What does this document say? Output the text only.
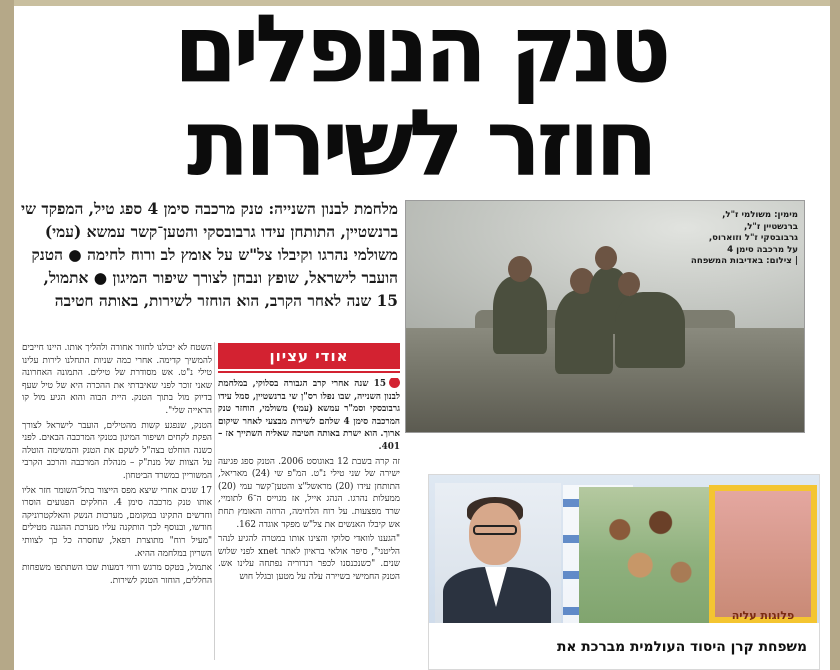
טנק הנופלים
חוזר לשירות
מלחמת לבנון השנייה: טנק מרכבה סימן 4 ספג טיל, המפקד שי ברנשטיין, התותחן עידו גרבובסקי והטען־קשר עמשא (עמי) משולמי נהרגו וקיבלו צל"ש על אומץ לב ורוח לחימה ● הטנק הועבר לישראל, שופץ ונבחן לצורך שיפור המיגון ● אתמול, 15 שנה לאחר הקרב, הוא הוחזר לשירות, באותה חטיבה
מימין: משולמי ז"ל,
ברנשטיין ז"ל,
גרבובסקי ז"ל וזוארוס,
על מרכבה סימן 4
| צילום: באדיבות המשפחה
אודי עציון

15 שנה אחרי קרב הגבורה בסלוקי, במלחמת לבנון השנייה, שבו נפלו רס"ן שי ברנשטיין, סמל עידו גרבובסקי וסמ"ר עמשא (עמי) משולמי, הוחזר טנק המרכבה סימן 4 שלהם לשירות מבצעי לאחר שיקום ארוך. הוא ישרת באותה חטיבה שאליה השתייך אז – 401.

זה קרה בשבת 12 באוגוסט 2006. הטנק ספג פגיעה ישירה של שני טילי נ"ט. המ"פ שי (24) מאריאל, התותחן עידו (20) מראשל"צ והטען־קשר עמי (20) ממעלות נהרגו. הנהג אייל, אז מגוייס ה־6 לתומיי, שרד מפצעות. על רוח הלחימה, הרוזה והאומץ תחת אש קיבלו האנשים את צל"ש מפקד אוגדה 162.

"הגענו לוואדי סלוקי והצינו אותו במטרה להגיע לנהר הליטני", סיפר אולאי בראיון לאתר xnet לפני שלוש שנים. "כשנכנסנו לכפר רנדוריה נפתחה עלינו אש. הטנק החמישי בשיירה עלה על מטען ובגלל חוש

השטח לא יכולנו לחזור אחורה ולהליך אותו. היינו חייבים להמשיך קדימה. אחרי כמה שניות התחלנו לירות עלינו טילי נ"ט. אש מסודרת של טילים. התמונה האחרונה שאני זוכר לפני שאיבדתי את ההכרה היא של טיל שעף בדיוק מול בתוך הטנק. היית הבוה והוא הגיע מול קו הראייה שלי".

הטנק, שנפגע קשות מהטילים, הועבר לישראל לצורך הפקת לקחים ושיפור המיגון בטנקי המרכבה הבאים. לפני כשנה הוחלט בצה"ל לשקם את הטנק והמשימה הוטלה על הצוות של מנת"ק – מנהלת המרכבה והרכב הקרבי המשוריין במשרד הביטחון.

17 שנים אחרי שיצא מפס הייצור בתל־השומר חזר אליו אותו טנק מרכבה סימן 4. החלקים הפגועים הוסרו וחדשים התקינו במקומם, מערכות הנשק והאלקטרוניקה חודשו, ובנוסף לכך הותקנה עליו מערכת ההגנה מטילים "מעיל רוח" מתוצרת רפאל, שחסרה כל כך לצוותי השריון במלחמה ההיא.

אתמול, בטקס מרגש ורווי דמעות שבו השתתפו משפחות החללים, הוחזר הטנק לשירות.

פלוגות עליה
משפחת קרן היסוד העולמית מברכת את
